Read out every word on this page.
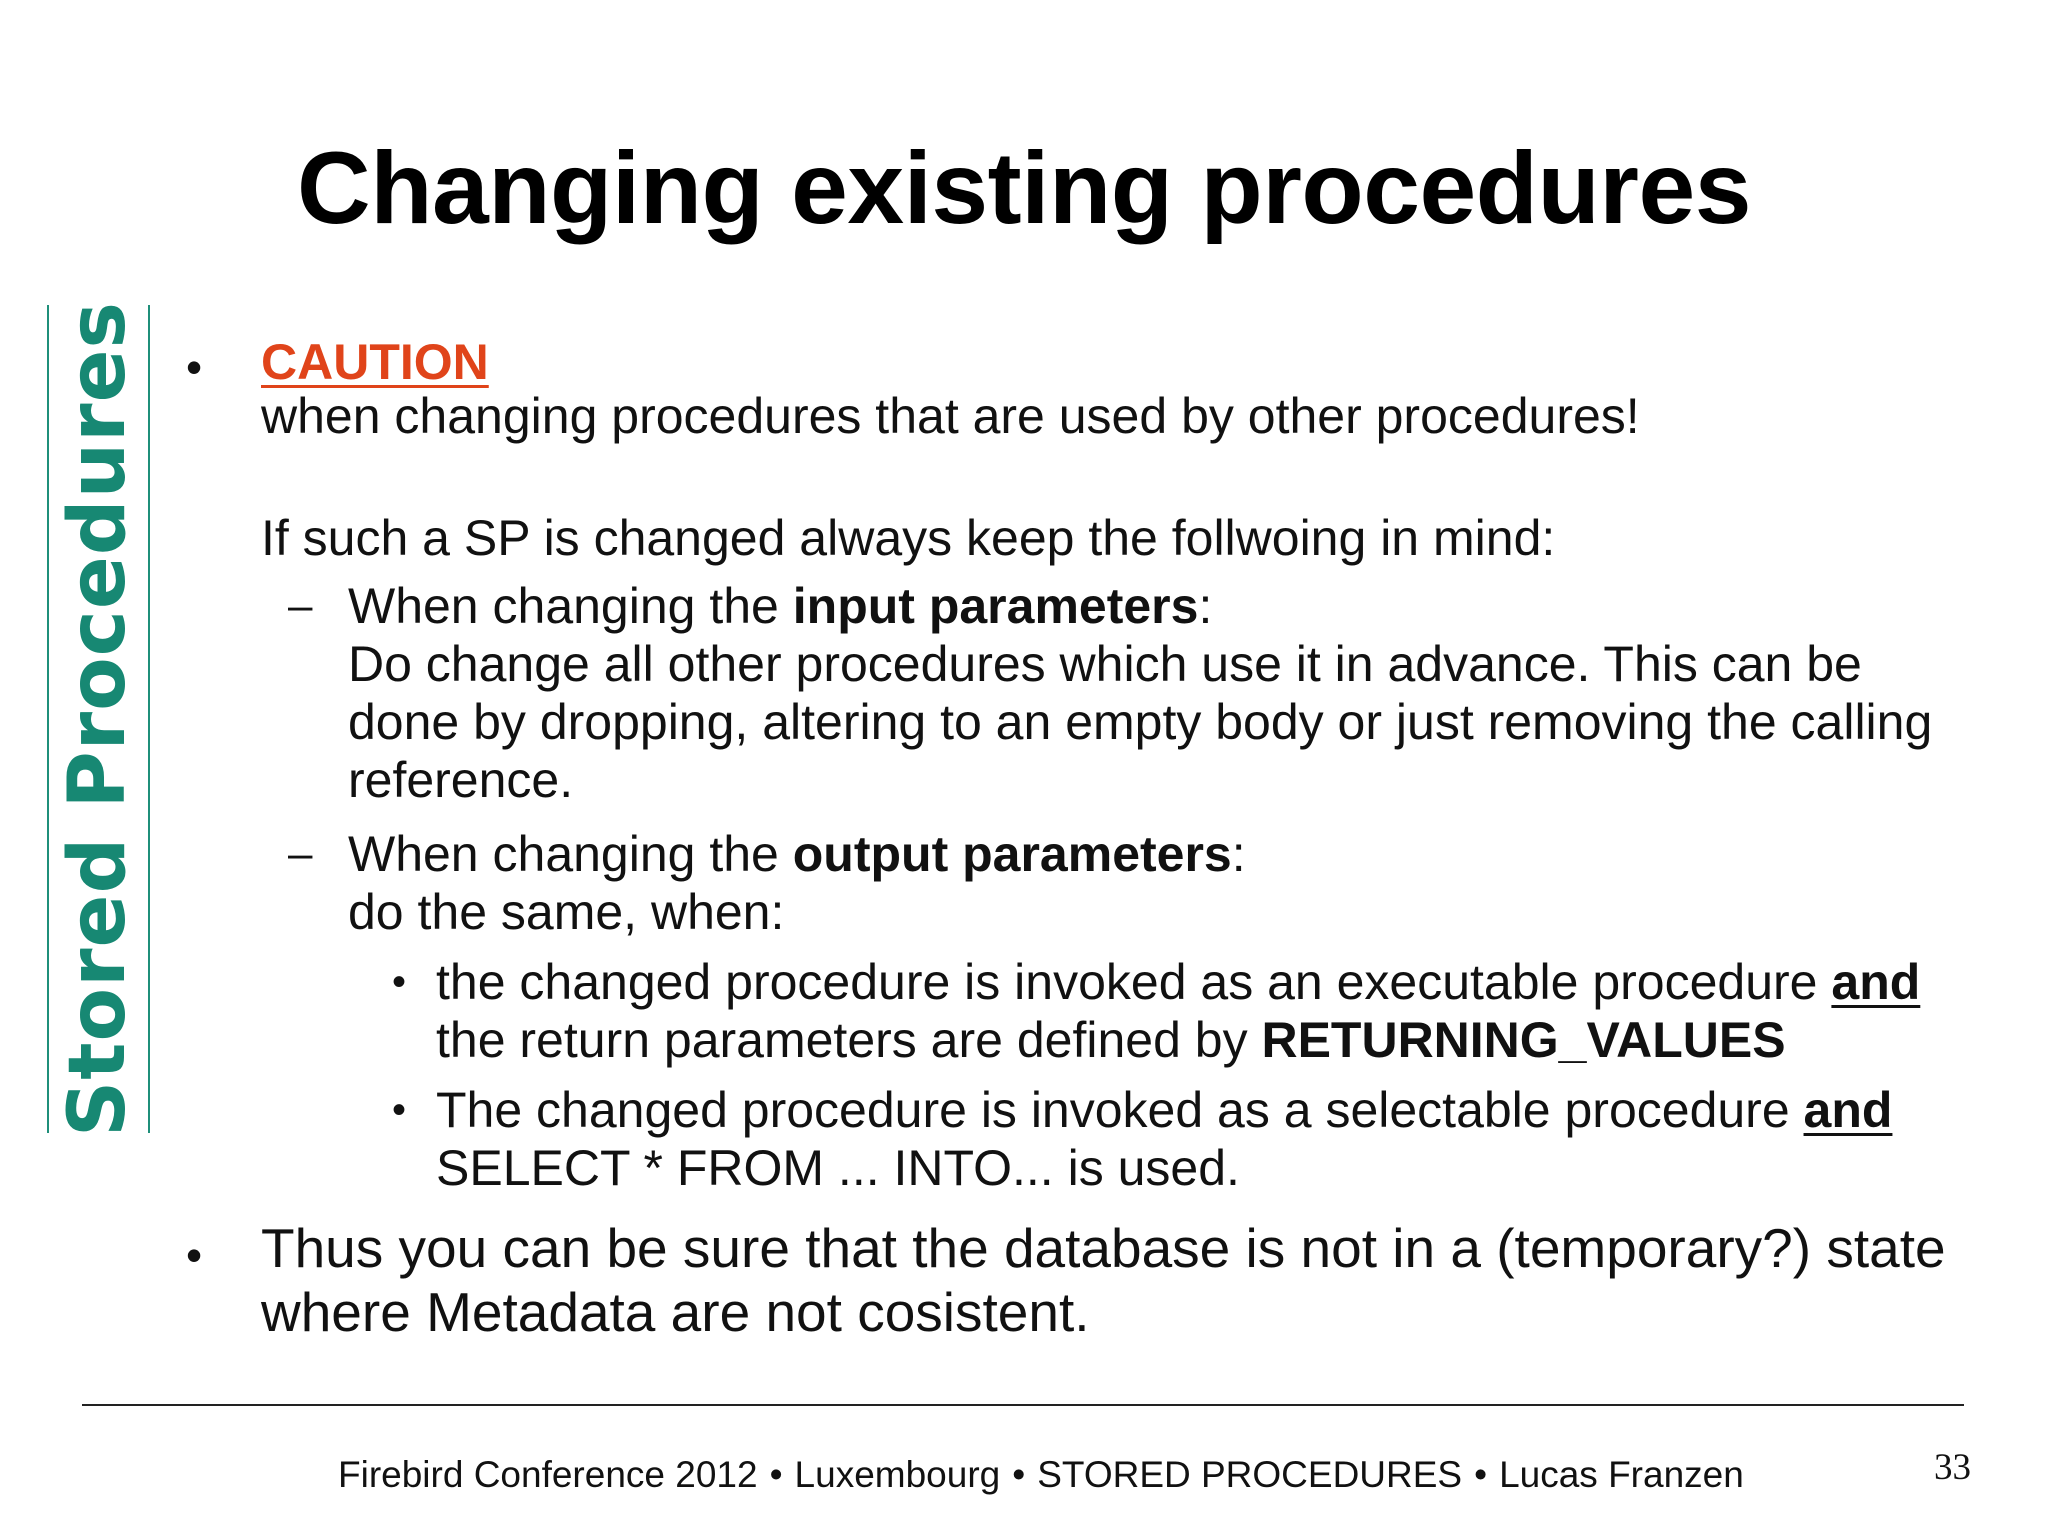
Changing existing procedures
Stored Procedures • CAUTION
when changing procedures that are used by other procedures!
If such a SP is changed always keep the follwoing in mind:
– When changing the input parameters:
Do change all other procedures which use it in advance. This can be
done by dropping, altering to an empty body or just removing the calling
reference.
– When changing the output parameters:
do the same, when:
• the changed procedure is invoked as an executable procedure and
the return parameters are defined by RETURNING_VALUES
• The changed procedure is invoked as a selectable procedure and
SELECT * FROM ... INTO... is used.
• Thus you can be sure that the database is not in a (temporary?) state
where Metadata are not cosistent.
Firebird Conference 2012 • Luxembourg • STORED PROCEDURES • Lucas Franzen	33
